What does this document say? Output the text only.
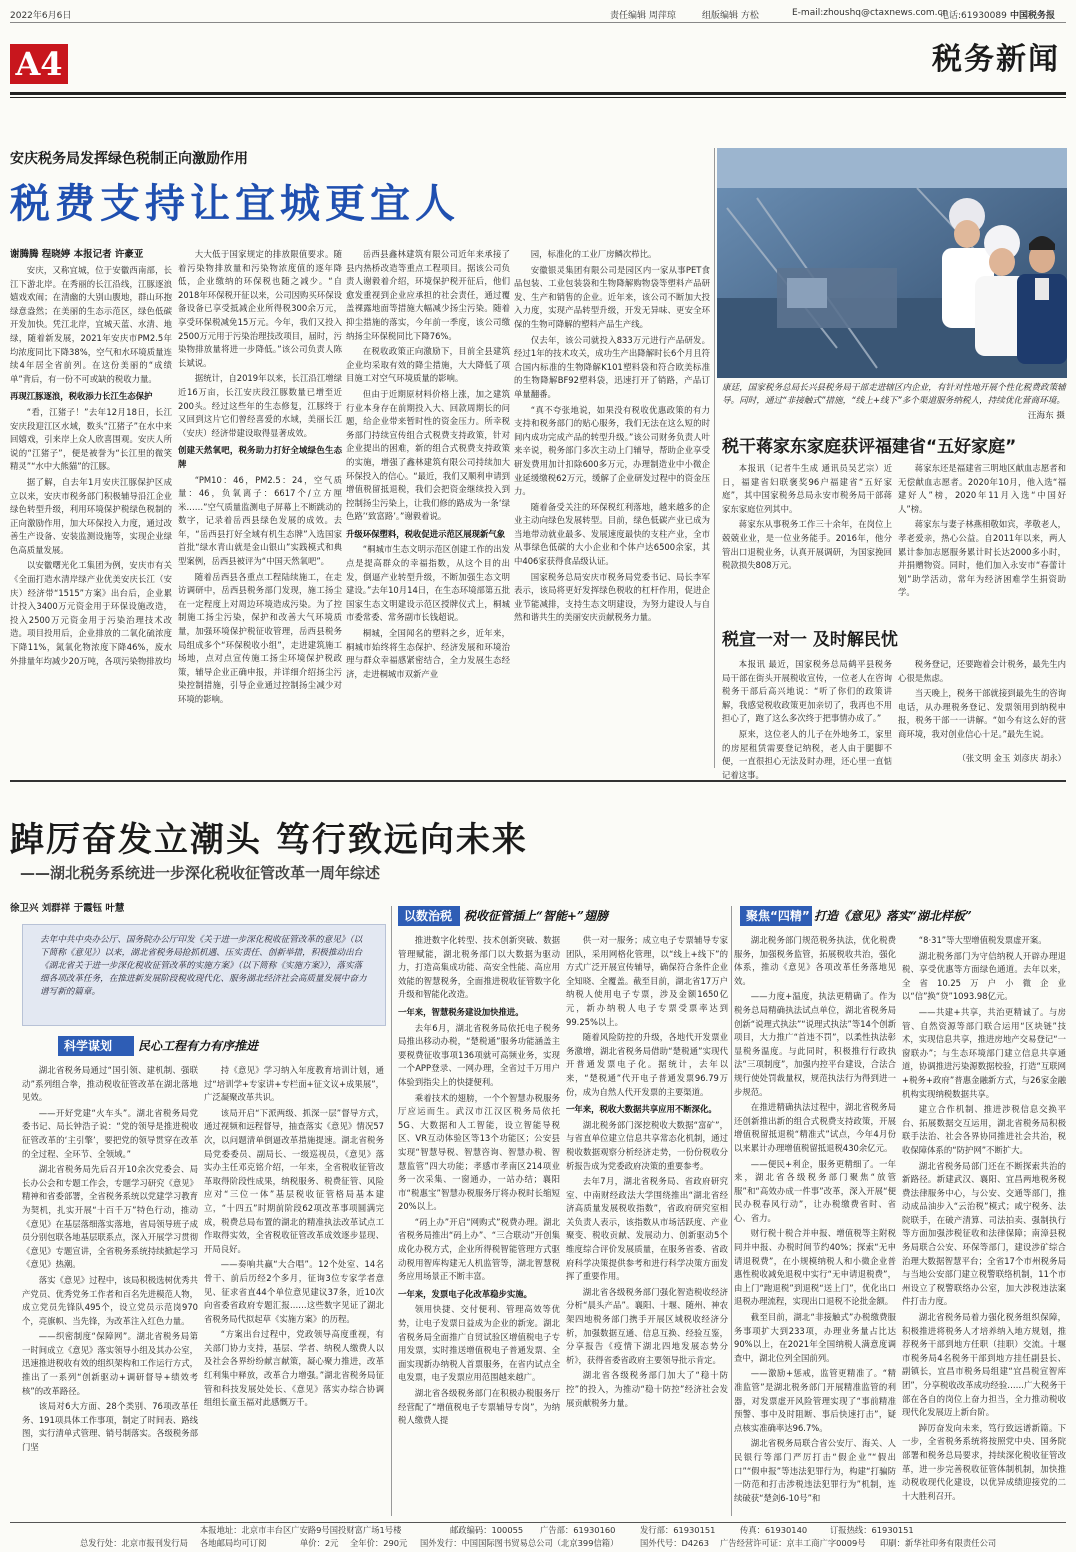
2022年6月6日	责任编辑 周萍琼	组版编辑 方松	E-mail:zhoushq@ctaxnews.com.cn
电话:61930089 中国税务报
A4	税务新闻
安庆税务局发挥绿色税制正向激励作用
税费支持让宜城更宜人
谢腾腾 程晓婷 本报记者 许豪亚

安庆，又称宜城，位于安徽西南部，长江下游北岸。在秀丽的长江沿线，江豚逐浪嬉戏欢闹；在清幽的大别山腹地，群山环抱绿意盎然；在美丽的生态示范区，绿色低碳开发加快。凭江北岸，宜城天蓝、水清、地绿，随着新发展，2021年安庆市PM2.5年均浓度同比下降38%，空气和水环境质量连续4年居全省前列。在这份美丽的“成绩单”背后，有一份不可或缺的税收力量。

再现江豚逐浪，税收添力长江生态保护

“看，江猪子！”去年12月18日，长江安庆段迎江区水域，数头“江猪子”在水中来回嬉戏，引来岸上众人欣喜围观。安庆人所说的“江猪子”，便是被誉为“长江里的微笑精灵”“水中大熊猫”的江豚。

据了解，自去年1月安庆江豚保护区成立以来，安庆市税务部门积极辅导沿江企业绿色转型升级，利用环境保护税绿色税制的正向激励作用，加大环保投入力度，通过改善生产设备、安装监测设施等，实现企业绿色高质量发展。

以安徽曙光化工集团为例，安庆市有关《全面打造水清岸绿产业优美安庆长江（安庆）经济带“1515”方案》出台后，企业累计投入3400万元资金用于环保设施改造，投入2500万元资金用于污染治理技术改造。项目投用后，企业排放的二氧化硫浓度下降11%，氮氧化物浓度下降46%，废水外排量年均减少20万吨，各项污染物排放均

大大低于国家规定的排放限值要求。随着污染物排放量和污染物浓度值的逐年降低，企业缴纳的环保税也随之减少。“自2018年环保税开征以来，公司因购买环保设备设备已享受抵减企业所得税300余万元，享受环保税减免15万元。今年，我们又投入2500万元用于污染治理技改项目，届时，污染物排放量将进一步降低。”该公司负责人陈长斌说。

据统计，自2019年以来，长江沿江增绿近16万亩，长江安庆段江豚数量已增至近200头。经过这些年的生态修复，江豚终于又回到这片它们曾经喜爱的水域，美丽长江（安庆）经济带建设取得显著成效。

创建天然氧吧，税务助力打好全域绿色生态牌

“PM10：46，PM2.5：24，空气质量：46，负氧离子：6617个/立方厘米……”空气质量监测电子屏幕上不断跳动的数字，记录着岳西县绿色发展的成效。去年，“岳西县打好全域有机生态牌”入选国家首批“绿水青山就是金山银山”实践模式和典型案例，岳西县被评为“中国天然氧吧”。

随着岳西县各重点工程陆续施工，在走访调研中，岳西县税务部门发现，施工扬尘在一定程度上对周边环境造成污染。为了控制施工扬尘污染，保护和改善大气环境质量，加强环境保护税征收管理，岳西县税务局组成多个“环保税收小组”，走进建筑施工场地，点对点宣传施工扬尘环境保护税政策，辅导企业正确申报，并详细介绍扬尘污染控制措施，引导企业通过控制扬尘减少对环境的影响。

岳西县鑫林建筑有限公司近年来承接了县内热桥改造等重点工程项目。据该公司负责人谢毅着介绍，环境保护税开征后，他们愈发重视到企业应承担的社会责任，通过覆盖裸露地面等措施大幅减少扬尘污染。随着抑尘措施的落实，今年前一季度，该公司缴纳扬尘环保税同比下降76%。

在税收政策正向激励下，目前全县建筑企业均采取有效的降尘措施，大大降低了项目施工对空气环境质量的影响。

但由于近期原材料价格上涨，加之建筑行业本身存在前期投入大、回款周期长的问题，给企业带来暂时性的资金压力。所幸税务部门持续宣传组合式税费支持政策，针对企业提出的困难，新的组合式税费支持政策的实施，增强了鑫林建筑有限公司持续加大环保投入的信心。“最近，我们又顺利申请到增值税留抵退税，我们会把资金继续投入到控制扬尘污染上，让我们修的路成为一条‘绿色路’‘致富路’。”谢毅着说。

升级环保塑料，税收促进示范区展现新气象

“桐城市生态文明示范区创建工作的出发点是提高群众的幸福指数，从这个目的出发，倒逼产业转型升级，不断加强生态文明建设。”去年10月14日，在生态环境部第五批国家生态文明建设示范区授牌仪式上，桐城市委常委、常务副市长钱超说。

桐城，全国闻名的塑料之乡，近年来，桐城市始终将生态保护、经济发展和环境治理与群众幸福感紧密结合，全力发展生态经济，走进桐城市双新产业

园，标准化的工业厂房鳞次栉比。

安徽银灵集团有限公司是园区内一家从事PET食品包装、工业包装袋和生物降解购物袋等塑料产品研发、生产和销售的企业。近年来，该公司不断加大投入力度，实现产品转型升级，开发无异味、更安全环保的生物可降解的塑料产品生产线。

仅去年，该公司就投入833万元进行产品研发。经过1年的技术攻关，成功生产出降解时长6个月且符合国内标准的生物降解K101塑料袋和符合欧美标准的生物降解BF92塑料袋，迅速打开了销路，产品订单量翻番。

“真不夸张地说，如果没有税收优惠政策的有力支持和税务部门的贴心服务，我们无法在这么短的时间内成功完成产品的转型升级。”该公司财务负责人叶来辛说，税务部门多次主动上门辅导，帮助企业享受研发费用加计扣除600多万元，办理制造业中小微企业延缓缴税62万元，缓解了企业研发过程中的资金压力。

随着备受关注的环保税红利落地，越来越多的企业主动向绿色发展转型。目前，绿色低碳产业已成为当地带动就业最多、发展速度最快的支柱产业，全市从事绿色低碳的大小企业和个体户达6500余家，其中406家获得食品级认证。

国家税务总局安庆市税务局党委书记、局长李军表示，该局将更好发挥绿色税收的杠杆作用，促进企业节能减排，支持生态文明建设，为努力建设人与自然和谐共生的美丽安庆贡献税务力量。

康廷，国家税务总局长兴县税务局干部走进辖区内企业，有针对性地开展个性化税费政策辅导。同时，通过“非接触式”措施，“线上+线下”多个渠道服务纳税人，持续优化营商环境。
汪海东 摄
税干蒋家东家庭获评福建省“五好家庭”

本报讯（记者牛生成 通讯员吴艺宗）近日，福建省妇联褒奖96户福建省“五好家庭”，其中国家税务总局永安市税务局干部蒋家东家庭位列其中。

蒋家东从事税务工作三十余年，在岗位上兢兢业业，是一位业务能手。2016年，他分管出口退税业务，认真开展调研，为国家挽回税款损失808万元。

蒋家东还是福建省三明地区献血志愿者和无偿献血志愿者。2020年10月，他入选“福建好人”榜，2020年11月入选“中国好人”榜。

蒋家东与妻子林燕相敬如宾，孝敬老人，孝老爱亲，热心公益。自2011年以来，两人累计参加志愿服务累计时长达2000多小时，并捐赠物资。同时，他们加入永安市“春蕾计划”助学活动，常年为经济困难学生捐资助学。

税宣一对一 及时解民忧

本报讯 最近，国家税务总局鹤平县税务局干部在街头开展税收宣传，一位老人在咨询税务干部后高兴地说：“听了你们的政策讲解，我感觉税收政策更加亲切了，我再也不用担心了，跑了这么多次终于把事情办成了。”

原来，这位老人的儿子在外地务工，家里的房屋租赁需要登记纳税，老人由于腿脚不便，一直很担心无法及时办理，还心里一直惦记着这事。

税务登记，还要跑着会计税务，最先生内心很是焦虑。

当天晚上，税务干部就接到最先生的咨询电话，从办理税务登记、发票领用到纳税申报，税务干部一一讲解。“如今有这么好的营商环境，我对创业信心十足。”最先生说。

（张文明 金玉 刘彦庆 胡永）
踔厉奋发立潮头 笃行致远向未来
——湖北税务系统进一步深化税收征管改革一周年综述
徐卫兴 刘群祥 于霞钰 叶慧
去年中共中央办公厅、国务院办公厅印发《关于进一步深化税收征管改革的意见》（以下简称《意见》）以来，湖北省税务局抢抓机遇、压实责任、创新举措，积极推动出台《湖北省关于进一步深化税收征管改革的实施方案》（以下简称《实施方案》），落实落细各项改革任务，在推进新发展阶段税收现代化、服务湖北经济社会高质量发展中奋力谱写新的篇章。
科学谋划	民心工程有力有序推进

湖北省税务局通过“国引领、建机制、强联动”系列组合拳，推动税收征管改革在湖北落地见效。

——开好党建“火车头”。湖北省税务局党委书记、局长钟浩子说：“党的领导是推进税收征管改革的‘主引擎’，要把党的领导贯穿在改革的全过程、全环节、全领域。”

湖北省税务局先后召开10余次党委会、局长办公会和专题工作会，专题学习研究《意见》精神和省委部署，全省税务系统以党建学习教育为契机，扎实开展“十百千万”特色行动，推动《意见》在基层落细落实落地，省局领导班子成员分别包联各地基层联系点，深入开展学习贯彻《意见》专题宣讲，全省税务系统持续掀起学习《意见》热潮。

落实《意见》过程中，该局积极选树优秀共产党员、优秀党务工作者和百名先进模范人物，成立党员先锋队495个，设立党员示范岗970个，亮旗帜、当先锋，为改革注入红色力量。

——织密制度“保障网”。湖北省税务局第一时间成立《意见》落实领导小组及其办公室，迅速推进税收有效的组织架构和工作运行方式，推出了一系列“创新驱动+调研督导+绩效考核”的改革路径。

该局对6大方面、28个类别、76项改革任务、191项具体工作事项，制定了时间表、路线图，实行清单式管理、销号制落实。各级税务部门坚

持《意见》学习纳入年度教育培训计划，通过“培训学+专家讲+专栏面+征文议+成果展”，广泛凝聚改革共识。

该局开启“下派两级、抓深一层”督导方式，通过视频和远程督导，抽查落实《意见》情况57次，以问题清单倒逼改革措施提速。湖北省税务局党委委员、副局长、一级巡视员，《意见》落实办主任邓克铭介绍，一年来，全省税收征管改革取得阶段性成果，纳税服务、税费征管、风险应对“三位一体”基层税收征管格局基本建立，“十四五”时期前阶段62项改革事项圆满完成，税费总局布置的湖北的精准执法改革试点工作取得实效，全省税收征管改革成效逐步显现、开局良好。

——奏响共赢“大合唱”。12个处室、14名骨干、前后历经2个多月，征询3位专家学者意见、征求省直44个单位意见建议37条，近10次向省委省政府专题汇报……这些数字见证了湖北省税务局代拟起草《实施方案》的历程。

“方案出台过程中，党政领导高度重视，有关部门协力支持，基层、学者、纳税人缴费人以及社会各界纷纷献言献策，凝心聚力推进，改革红利集中释放，改革合力增强。”湖北省税务局征管和科技发展处处长、《意见》落实办综合协调组组长童玉福对此感慨万千。

以数治税 税收征管插上“智能+”翅膀

推进数字化转型、技术创新突破、数据管理赋能，湖北税务部门以大数据为驱动力，打造高集成功能、高安全性能、高应用效能的智慧税务，全面推进税收征管数字化升级和智能化改造。

一年来，智慧税务建设加快推进。

去年6月，湖北省税务局依托电子税务局推出移动办税，“楚税通”服务功能涵盖主要税费征收事项136项就可高频业务，实现一个APP登录、一网办理，全省过千万用户体验到指尖上的快捷便利。

乘着技术的翅膀，一个个智慧办税服务厅应运而生。武汉市江汉区税务局依托5G、大数据和人工智能，设立智能导税区、VR互动体验区等13个功能区；公安县实现“智慧导税、智慧咨询、智慧办税、智慧监管”四大功能；孝感市孝南区214项业务一次采集、一窗通办，一站办结；襄阳市“税惠宝”智慧办税服务厅将办税时长缩短20%以上。

“码上办”开启“网购式”税费办理。湖北省税务局推出“码上办”、“三合联动”开创集成化办税方式，企业所得税智能管理方式驱动税用智库构建无人机监管等，湖北智慧税务应用场景正不断丰富。

一年来，发票电子化改革稳步实施。

领用快捷、交付便利、管理高效等优势，让电子发票日益成为企业的新宠。湖北省税务局全面推广自贸试验区增值税电子专用发票，实时推送增值税电子普通发票、全面实现新办纳税人首票服务，在省内试点全电发票，电子发票应用范围越来越广。

湖北省各级税务部门在积极办税服务厅经营配了“增值税电子专票辅导专岗”，为纳税人缴费人提

供一对一服务；成立电子专票辅导专家团队，采用网格化管理，以“线上+线下”的方式广泛开展宣传辅导，确保符合条件企业全知晓、全覆盖。截至目前，湖北省17万户纳税人使用电子专票，涉及金额1650亿元，新办纳税人电子专票受票率达到99.25%以上。

随着风险防控的升级，各地代开发票业务激增，湖北省税务局借助“楚税通”实现代开普通发票电子化。据统计，去年以来，“楚税通”代开电子普通发票96.79万份，成为自然人代开发票的主要渠道。

一年来，税收大数据共享应用不断深化。

湖北税务部门深挖税收大数据“富矿”，与省直单位建立信息共享常态化机制，通过税收数据观察分析经济走势，一份份税收分析报告成为党委政府决策的重要参考。

去年7月，湖北省税务局、省政府研究室、中南财经政法大学围绕推出“湖北省经济高质量发展税收指数”，省政府研究室相关负责人表示，该指数从市场活跃度、产业聚变、税收贡献、发展动力、创新驱动5个维度综合评价发展质量，在服务省委、省政府科学决策提供参考和进行科学决策方面发挥了重要作用。

湖北省各级税务部门强化智造税收经济分析“晨头产品”。襄阳、十堰、随州、神农架四地税务部门携手开展区域税收经济分析，加强数据互通、信息互换、经验互鉴，分享报告《疫情下湖北四地发展态势分析》，获得省委省政府主要领导批示肯定。

湖北省各级税务部门加大了“稳十防控”的投入，为推动“稳十防控”经济社会发展贡献税务力量。

聚焦“四精” 打造《意见》落实“湖北样板”

湖北税务部门规范税务执法，优化税费服务，加强税务监管，拓展税收共治，强化体系，推动《意见》各项改革任务落地见效。

——力度+温度，执法更精确了。作为税务总局精确执法试点单位，湖北省税务局创新“说理式执法”“说理式执法”等14个创新项目，大力推广“首违不罚”，以柔性执法彰显税务温度。与此同时，积极推行行政执法“三项制度”，加强内控平台建设，合法合规行使处罚裁量权，规范执法行为得到进一步规范。

在推进精确执法过程中，湖北省税务局还创新推出新的组合式税费支持政策，开展增值税留抵退税“精准式”试点，今年4月份以来累计办理增值税留抵退税430余亿元。

——便民+利企，服务更精细了。一年来，湖北省各级税务部门聚焦“放管服”和“高效办成一件事”改革，深入开展“便民办税春风行动”，让办税缴费省时、省心、省力。

财行税十税合并申报、增值税等主附税同并申报、办税时间节约40%；探索“无申请退税费”，在小规模纳税人和小微企业普惠性税收减免退税中实行“无申请退税费”，由上门“跑退税”到退税“送上门”，优化出口退税办理流程，实现出口退税不论批金额。

截至目前，湖北“非接触式”办税缴费服务事项扩大到233项，办理业务量占比达90%以上，在2021年全国纳税人满意度调查中，湖北位列全国前列。

——激励+惩戒，监管更精准了。“精准监管”是湖北税务部门开展精准监管的利器，对发票虚开风险管理实现了“事前精准预警、事中及时阻断、事后快速打击”，疑点核实准确率达96.7%。

湖北省税务局联合省公安厅、海关、人民银行等部门严厉打击“假企业”“假出口”“假申报”等违法犯罪行为，构建“打骗防一防范和打击涉税违法犯罪行为”机制，连续破获“楚剑6-10号”和

“8·31”等大型增值税发票虚开案。

湖北税务部门为守信纳税人开辟办理退税、享受优惠等方面绿色通道。去年以来，全省10.25万户小微企业以“信”换“贷”1093.98亿元。

——共建+共享，共治更精诚了。与房管、自然资源等部门联合运用“区块链”技术，实现信息共享，推进房地产交易登记“一窗联办”；与生态环境部门建立信息共享通道，协调推进污染源数据校验，打造“互联网+税务+政府”普惠金融新方式，与26家金融机构实现纳税数据共享。

建立合作机制、推进涉税信息交换平台、拓展数据交互运用，湖北省税务局积极联手法治、社会各界协同推进社会共治，税收保障体系的“防护网”不断扩大。

湖北省税务局部门还在不断探索共治的新路径。新建武汉、襄阳、宜昌两地税务税费法律服务中心，与公安、交通等部门，推动成品油步入“云治税”模式；咸宁税务、法院联手，在破产清算、司法拍卖、强制执行等方面加强涉税征收和法律保障；南漳县税务局联合公安、环保等部门，建设涉矿综合治理大数据智慧平台；全省17个市州税务局与当地公安部门建立税警联络机制，11个市州设立了税警联络办公室，加大涉税违法案件打击力度。

湖北省税务局着力强化税务组织保障，积极推进将税务人才培养纳入地方规划，推荐税务干部到地方任职（挂职）交流。十堰市税务局4名税务干部到地方挂任副县长、副镇长，宜昌市税务局组建“宜昌税宣智库团”，分享税收改革成功经验……广大税务干部在各自的岗位上奋力担当，全力推动税收现代化发展迈上新台阶。

踔厉奋发向未来，笃行致远谱新篇。下一步，全省税务系统将按照党中央、国务院部署和税务总局要求，持续深化税收征管改革，进一步完善税收征管体制机制，加快推动税收现代化建设，以优异成绩迎接党的二十大胜利召开。

本报地址：北京市丰台区广安路9号国投财富广场1号楼	邮政编码：100055 广告部：61930160	发行部：61930151	传真：61930140	订报热线：61930151
总发行处：北京市报刊发行局 各地邮局均可订阅	单价：2元 全年价：290元 国外发行：中国国际图书贸易总公司（北京399信箱）	国外代号：D4263 广告经营许可证：京丰工商广字0009号 印刷：新华社印务有限责任公司
